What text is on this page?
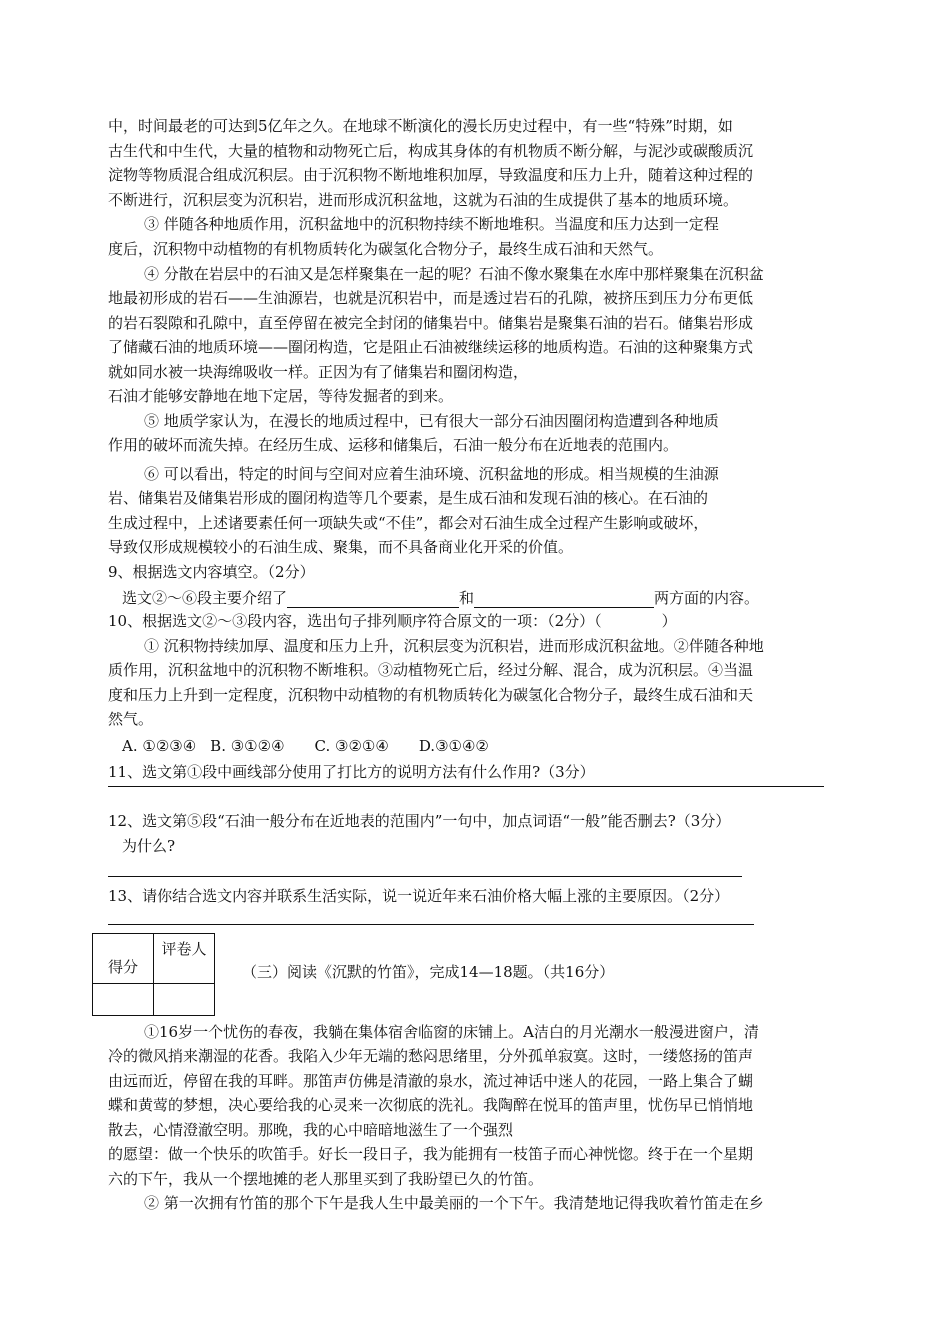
中，时间最老的可达到5亿年之久。在地球不断演化的漫长历史过程中，有一些“特殊”时期，如
古生代和中生代，大量的植物和动物死亡后，构成其身体的有机物质不断分解，与泥沙或碳酸质沉
淀物等物质混合组成沉积层。由于沉积物不断地堆积加厚，导致温度和压力上升，随着这种过程的
不断进行，沉积层变为沉积岩，进而形成沉积盆地，这就为石油的生成提供了基本的地质环境。
③ 伴随各种地质作用，沉积盆地中的沉积物持续不断地堆积。当温度和压力达到一定程
度后，沉积物中动植物的有机物质转化为碳氢化合物分子，最终生成石油和天然气。
④ 分散在岩层中的石油又是怎样聚集在一起的呢？石油不像水聚集在水库中那样聚集在沉积盆
地最初形成的岩石——生油源岩，也就是沉积岩中，而是透过岩石的孔隙，被挤压到压力分布更低
的岩石裂隙和孔隙中，直至停留在被完全封闭的储集岩中。储集岩是聚集石油的岩石。储集岩形成
了储藏石油的地质环境——圈闭构造，它是阻止石油被继续运移的地质构造。石油的这种聚集方式
就如同水被一块海绵吸收一样。正因为有了储集岩和圈闭构造，
石油才能够安静地在地下定居，等待发掘者的到来。
⑤ 地质学家认为，在漫长的地质过程中，已有很大一部分石油因圈闭构造遭到各种地质
作用的破坏而流失掉。在经历生成、运移和储集后，石油一般分布在近地表的范围内。
⑥ 可以看出，特定的时间与空间对应着生油环境、沉积盆地的形成。相当规模的生油源
岩、储集岩及储集岩形成的圈闭构造等几个要素，是生成石油和发现石油的核心。在石油的
生成过程中，上述诸要素任何一项缺失或“不佳”，都会对石油生成全过程产生影响或破坏，
导致仅形成规模较小的石油生成、聚集，而不具备商业化开采的价值。
9、根据选文内容填空。（2分）
选文②～⑥段主要介绍了	和	两方面的内容。
10、根据选文②～③段内容，选出句子排列顺序符合原文的一项：（2分）（	）
① 沉积物持续加厚、温度和压力上升，沉积层变为沉积岩，进而形成沉积盆地。②伴随各种地
质作用，沉积盆地中的沉积物不断堆积。③动植物死亡后，经过分解、混合，成为沉积层。④当温
度和压力上升到一定程度，沉积物中动植物的有机物质转化为碳氢化合物分子，最终生成石油和天
然气。
A. ①②③④ B. ③①②④ C. ③②①④ D.③①④②
11、选文第①段中画线部分使用了打比方的说明方法有什么作用?（3分）
12、选文第⑤段“石油一般分布在近地表的范围内”一句中，加点词语“一般”能否删去?（3分）
为什么?
13、请你结合选文内容并联系生活实际，说一说近年来石油价格大幅上涨的主要原因。（2分）
得分	评卷人

（三）阅读《沉默的竹笛》，完成14—18题。（共16分）
①16岁一个忧伤的春夜，我躺在集体宿舍临窗的床铺上。A洁白的月光潮水一般漫进窗户，清
冷的微风捎来潮湿的花香。我陷入少年无端的愁闷思绪里，分外孤单寂寞。这时，一缕悠扬的笛声
由远而近，停留在我的耳畔。那笛声仿佛是清澈的泉水，流过神话中迷人的花园，一路上集合了蝴
蝶和黄莺的梦想，决心要给我的心灵来一次彻底的洗礼。我陶醉在悦耳的笛声里，忧伤早已悄悄地
散去，心情澄澈空明。那晚，我的心中暗暗地滋生了一个强烈
的愿望：做一个快乐的吹笛手。好长一段日子，我为能拥有一枝笛子而心神恍惚。终于在一个星期
六的下午，我从一个摆地摊的老人那里买到了我盼望已久的竹笛。
② 第一次拥有竹笛的那个下午是我人生中最美丽的一个下午。我清楚地记得我吹着竹笛走在乡
